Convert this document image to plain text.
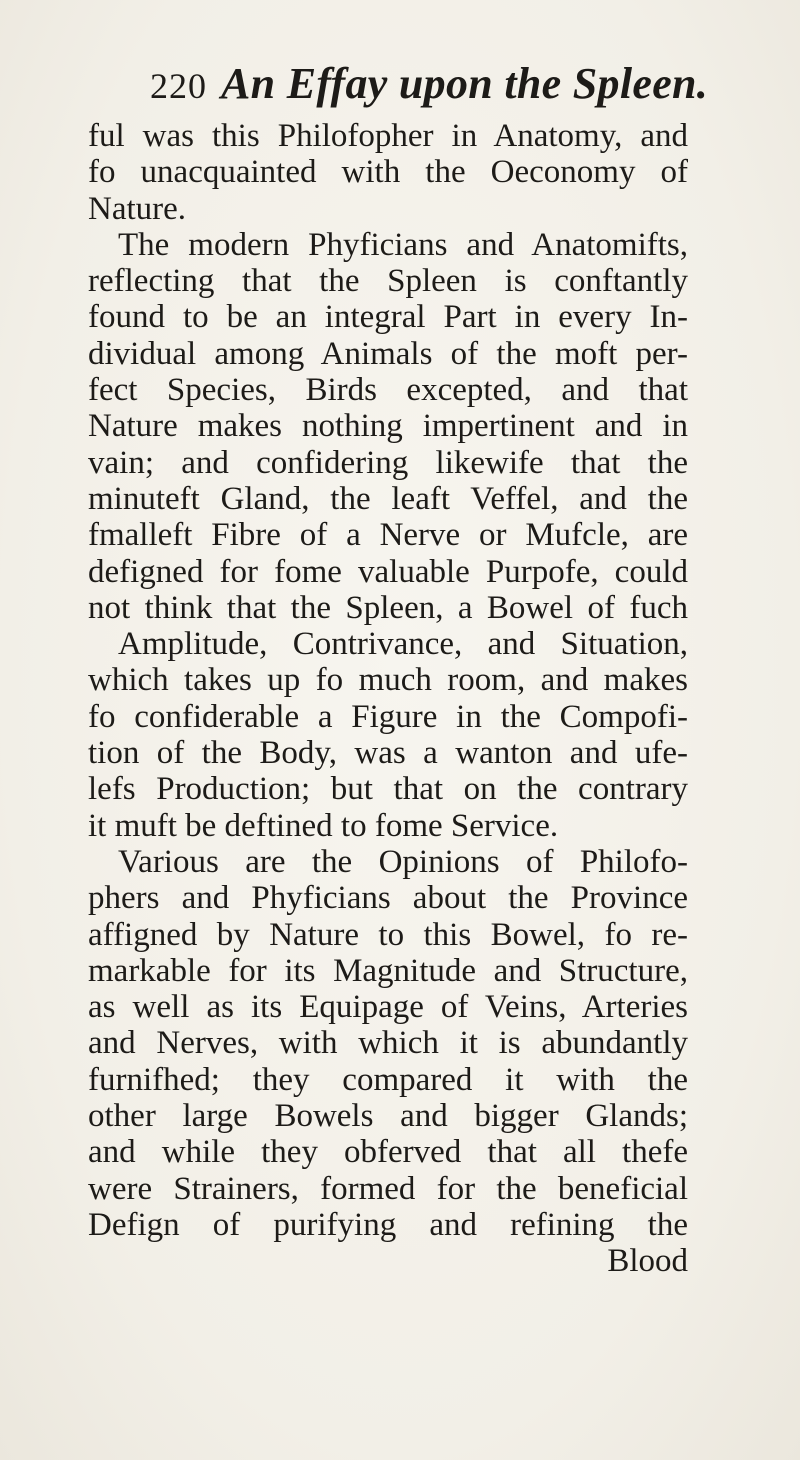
220 An Effay upon the Spleen.
ful was this Philofopher in Anatomy, and
fo unacquainted with the Oeconomy of
Nature.
The modern Phyficians and Anatomifts,
reflecting that the Spleen is conftantly
found to be an integral Part in every In-
dividual among Animals of the moft per-
fect Species, Birds excepted, and that
Nature makes nothing impertinent and in
vain; and confidering likewife that the
minuteft Gland, the leaft Veffel, and the
fmalleft Fibre of a Nerve or Mufcle, are
defigned for fome valuable Purpofe, could
not think that the Spleen, a Bowel of fuch
Amplitude, Contrivance, and Situation,
which takes up fo much room, and makes
fo confiderable a Figure in the Compofi-
tion of the Body, was a wanton and ufe-
lefs Production; but that on the contrary
it muft be deftined to fome Service.
Various are the Opinions of Philofo-
phers and Phyficians about the Province
affigned by Nature to this Bowel, fo re-
markable for its Magnitude and Structure,
as well as its Equipage of Veins, Arteries
and Nerves, with which it is abundantly
furnifhed; they compared it with the
other large Bowels and bigger Glands;
and while they obferved that all thefe
were Strainers, formed for the beneficial
Defign of purifying and refining the
Blood
